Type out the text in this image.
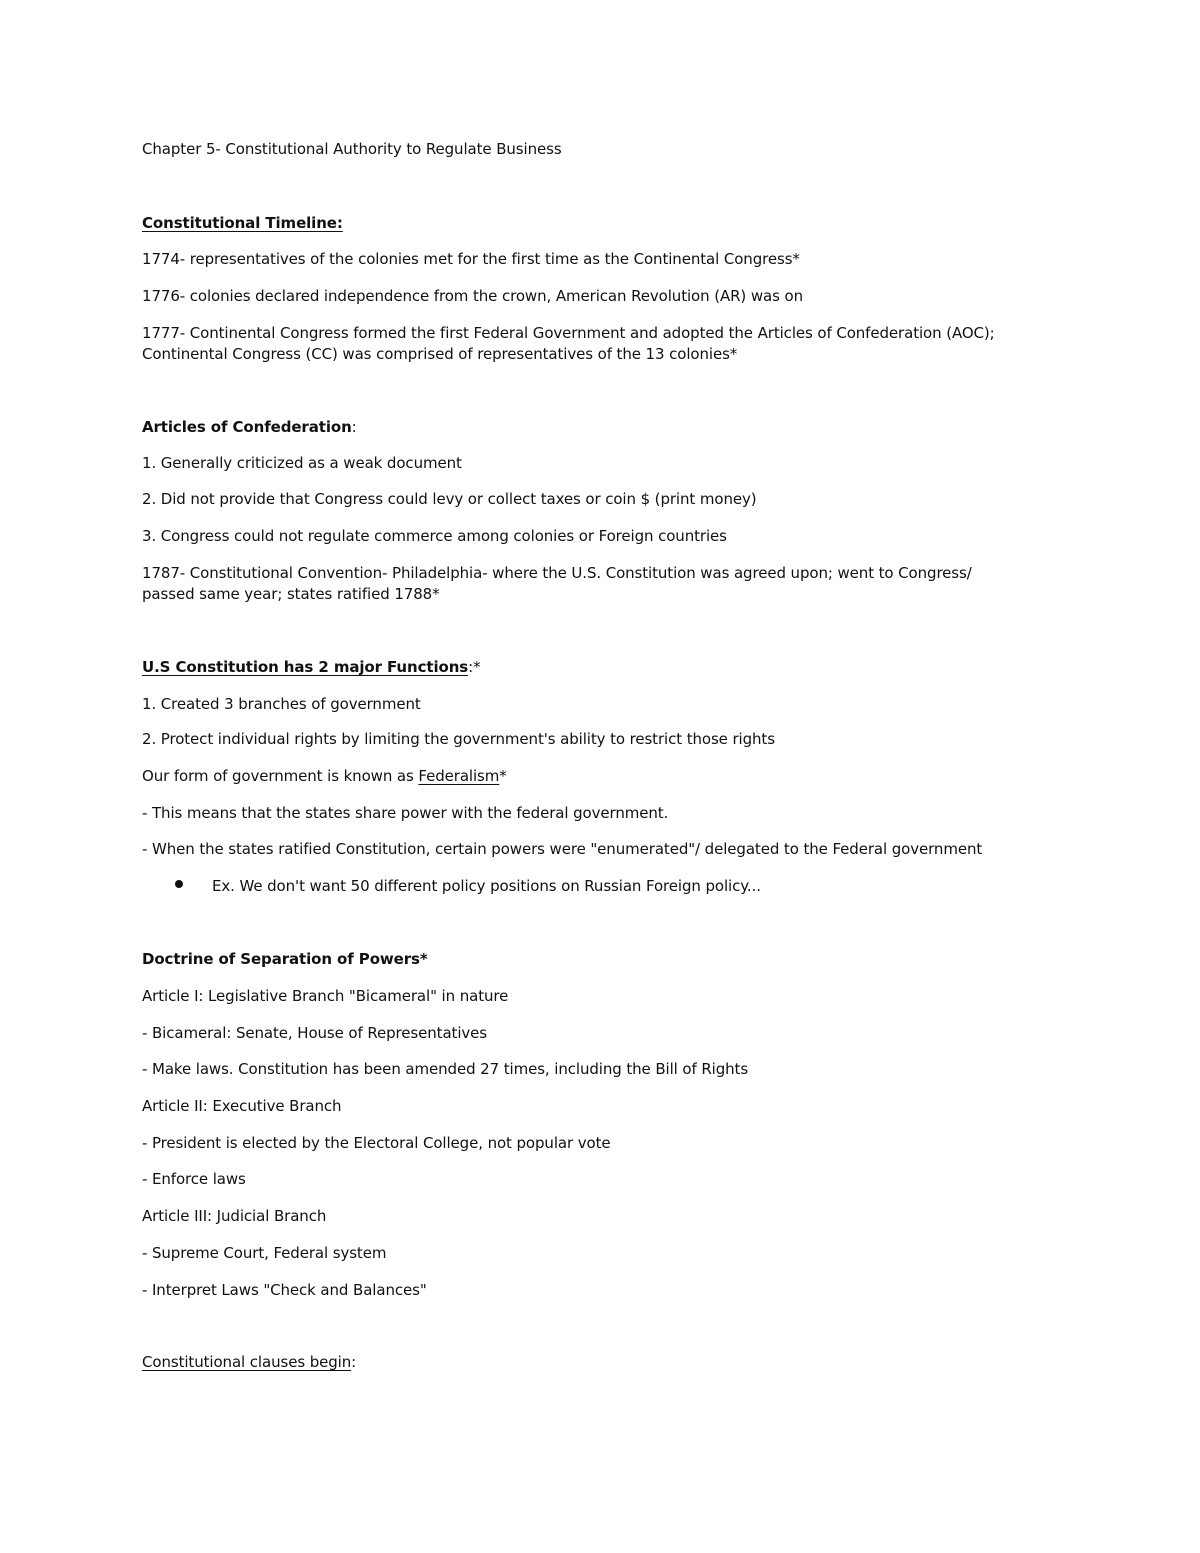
Chapter 5- Constitutional Authority to Regulate Business
Constitutional Timeline:
1774- representatives of the colonies met for the first time as the Continental Congress*
1776- colonies declared independence from the crown, American Revolution (AR) was on
1777- Continental Congress formed the first Federal Government and adopted the Articles of Confederation (AOC);
Continental Congress (CC) was comprised of representatives of the 13 colonies*
Articles of Confederation:
1. Generally criticized as a weak document
2. Did not provide that Congress could levy or collect taxes or coin $ (print money)
3. Congress could not regulate commerce among colonies or Foreign countries
1787- Constitutional Convention- Philadelphia- where the U.S. Constitution was agreed upon; went to Congress/
passed same year; states ratified 1788*
U.S Constitution has 2 major Functions:*
1. Created 3 branches of government
2. Protect individual rights by limiting the government's ability to restrict those rights
Our form of government is known as Federalism*
- This means that the states share power with the federal government.
- When the states ratified Constitution, certain powers were "enumerated"/ delegated to the Federal government
Ex. We don't want 50 different policy positions on Russian Foreign policy...
Doctrine of Separation of Powers*
Article I: Legislative Branch "Bicameral" in nature
- Bicameral: Senate, House of Representatives
- Make laws. Constitution has been amended 27 times, including the Bill of Rights
Article II: Executive Branch
- President is elected by the Electoral College, not popular vote
- Enforce laws
Article III: Judicial Branch
- Supreme Court, Federal system
- Interpret Laws "Check and Balances"
Constitutional clauses begin:
